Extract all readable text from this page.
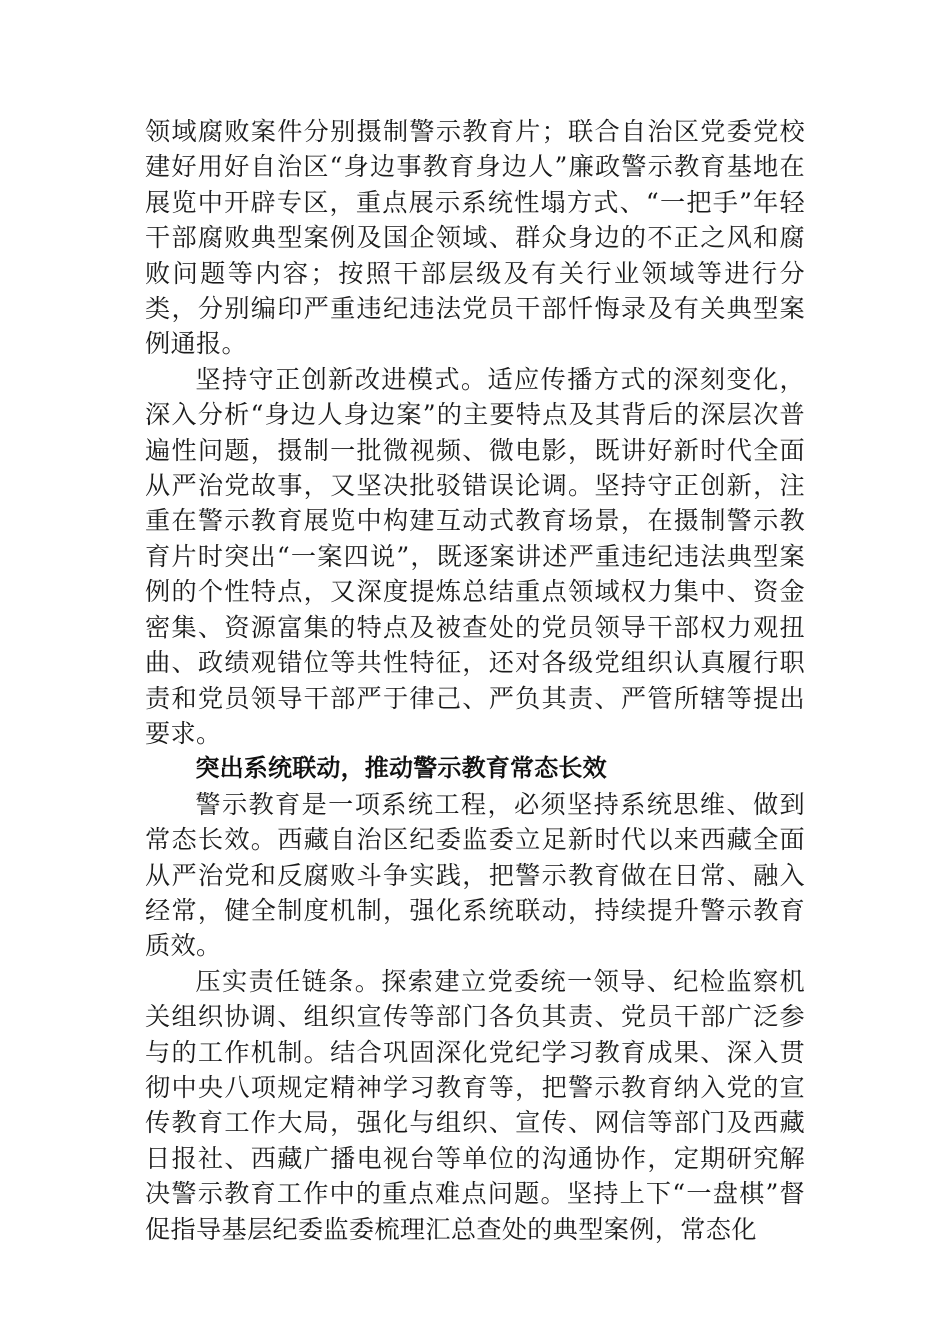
领域腐败案件分别摄制警示教育片；联合自治区党委党校建好用好自治区“身边事教育身边人”廉政警示教育基地在展览中开辟专区，重点展示系统性塌方式、“一把手”年轻干部腐败典型案例及国企领域、群众身边的不正之风和腐败问题等内容；按照干部层级及有关行业领域等进行分类，分别编印严重违纪违法党员干部忏悔录及有关典型案例通报。

坚持守正创新改进模式。适应传播方式的深刻变化，深入分析“身边人身边案”的主要特点及其背后的深层次普遍性问题，摄制一批微视频、微电影，既讲好新时代全面从严治党故事，又坚决批驳错误论调。坚持守正创新，注重在警示教育展览中构建互动式教育场景，在摄制警示教育片时突出“一案四说”，既逐案讲述严重违纪违法典型案例的个性特点，又深度提炼总结重点领域权力集中、资金密集、资源富集的特点及被查处的党员领导干部权力观扭曲、政绩观错位等共性特征，还对各级党组织认真履行职责和党员领导干部严于律己、严负其责、严管所辖等提出要求。

突出系统联动，推动警示教育常态长效

警示教育是一项系统工程，必须坚持系统思维、做到常态长效。西藏自治区纪委监委立足新时代以来西藏全面从严治党和反腐败斗争实践，把警示教育做在日常、融入经常，健全制度机制，强化系统联动，持续提升警示教育质效。

压实责任链条。探索建立党委统一领导、纪检监察机关组织协调、组织宣传等部门各负其责、党员干部广泛参与的工作机制。结合巩固深化党纪学习教育成果、深入贯彻中央八项规定精神学习教育等，把警示教育纳入党的宣传教育工作大局，强化与组织、宣传、网信等部门及西藏日报社、西藏广播电视台等单位的沟通协作，定期研究解决警示教育工作中的重点难点问题。坚持上下“一盘棋”督促指导基层纪委监委梳理汇总查处的典型案例，常态化
